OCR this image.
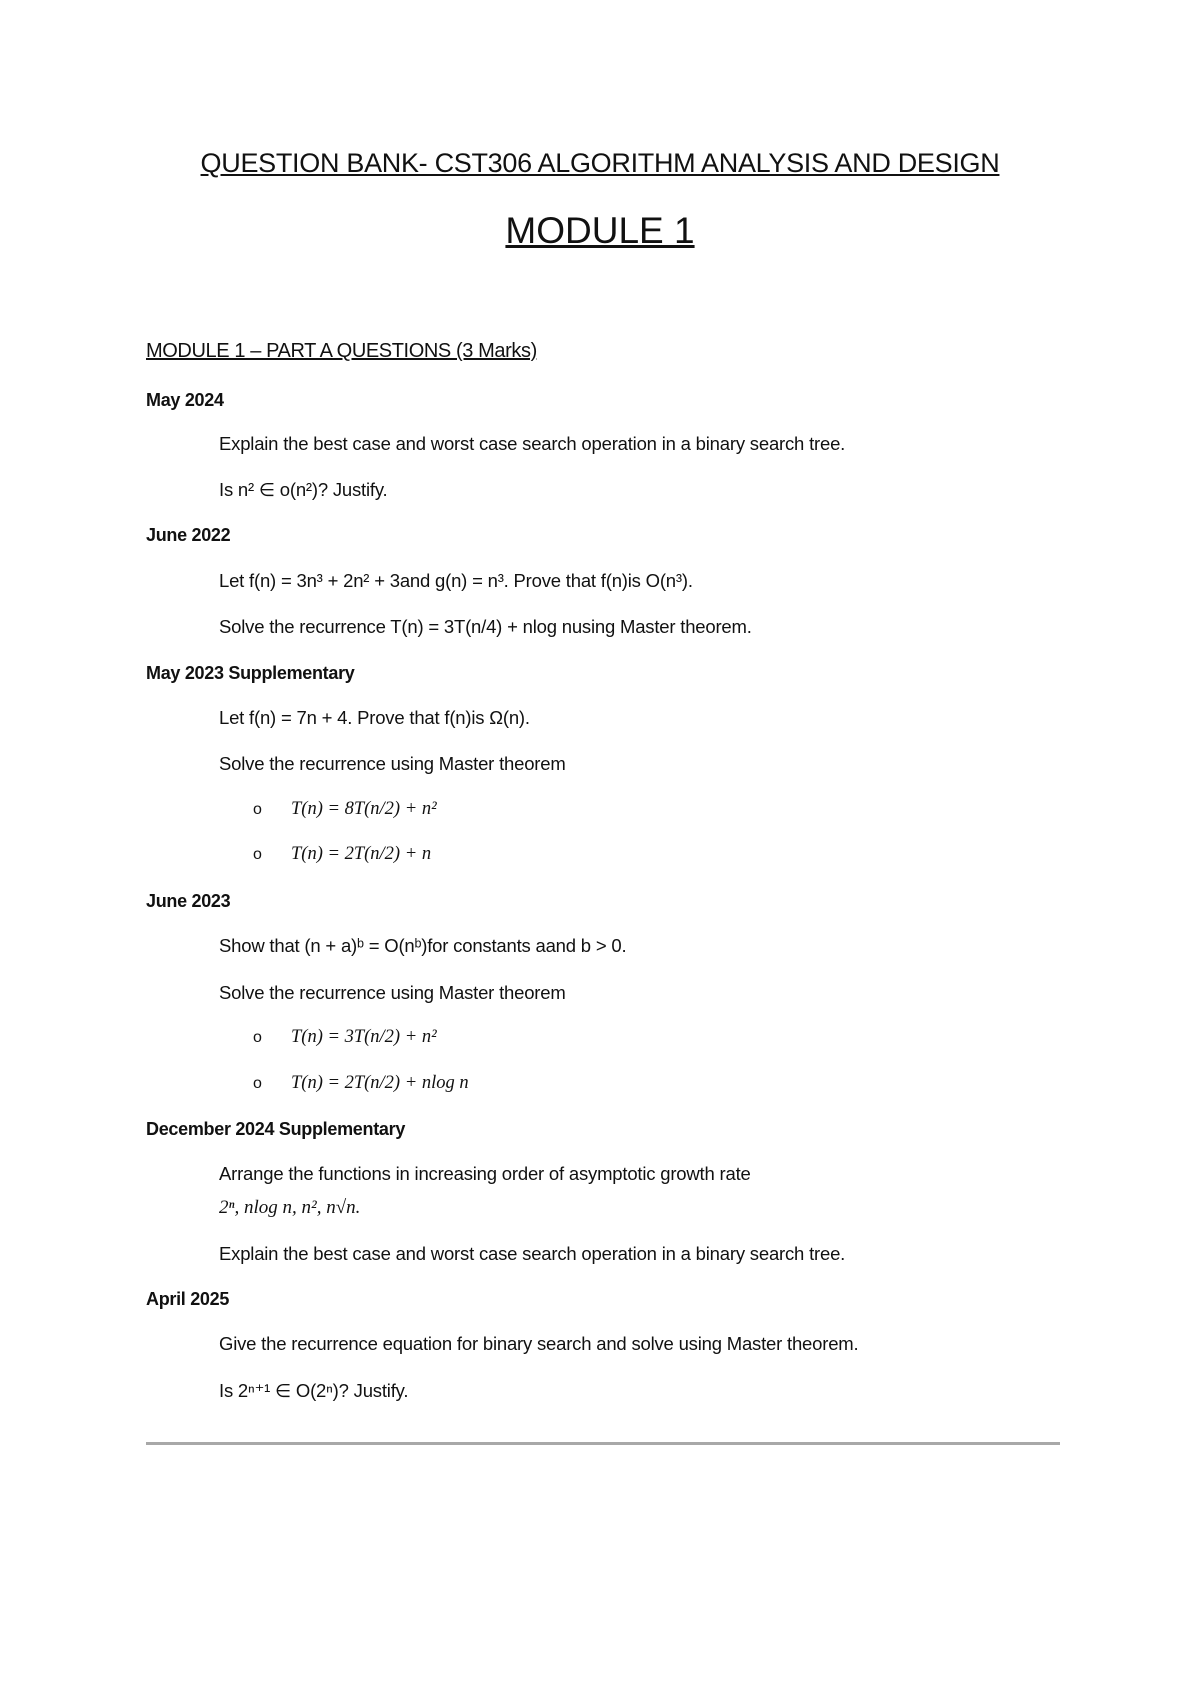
QUESTION BANK- CST306 ALGORITHM ANALYSIS AND DESIGN
MODULE 1
MODULE 1 – PART A QUESTIONS (3 Marks)
May 2024
Explain the best case and worst case search operation in a binary search tree.
Is n² ∈ o(n²)? Justify.
June 2022
Let f(n) = 3n³ + 2n² + 3and g(n) = n³. Prove that f(n)is O(n³).
Solve the recurrence T(n) = 3T(n/4) + nlog nusing Master theorem.
May 2023 Supplementary
Let f(n) = 7n + 4. Prove that f(n)is Ω(n).
Solve the recurrence using Master theorem
o T(n) = 8T(n/2) + n²
o T(n) = 2T(n/2) + n
June 2023
Show that (n + a)ᵇ = O(nᵇ)for constants aand b > 0.
Solve the recurrence using Master theorem
o T(n) = 3T(n/2) + n²
o T(n) = 2T(n/2) + nlog n
December 2024 Supplementary
Arrange the functions in increasing order of asymptotic growth rate
2ⁿ, nlog n, n², n√n.
Explain the best case and worst case search operation in a binary search tree.
April 2025
Give the recurrence equation for binary search and solve using Master theorem.
Is 2ⁿ⁺¹ ∈ O(2ⁿ)? Justify.
